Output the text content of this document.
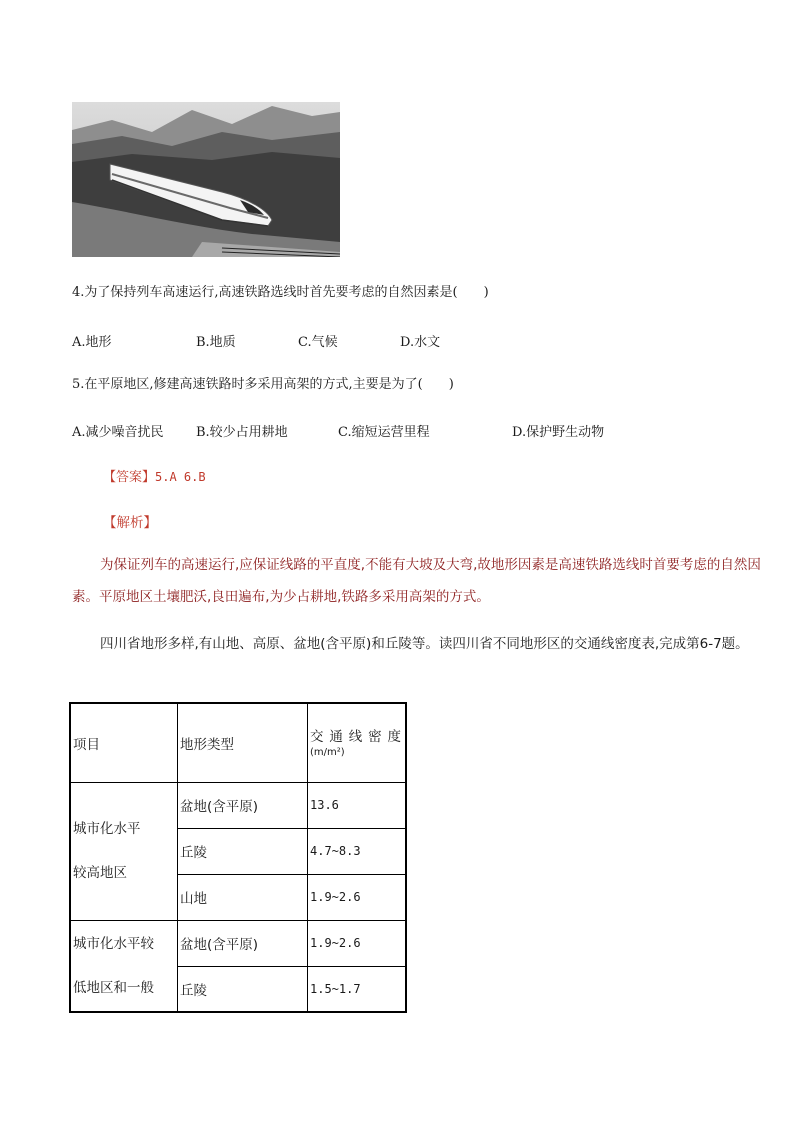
4.为了保持列车高速运行,高速铁路选线时首先要考虑的自然因素是(　　)
A.地形	B.地质	C.气候	D.水文
5.在平原地区,修建高速铁路时多采用高架的方式,主要是为了(　　)
A.减少噪音扰民 B.较少占用耕地	C.缩短运营里程	D.保护野生动物
【答案】5.A 6.B
【解析】
为保证列车的高速运行,应保证线路的平直度,不能有大坡及大弯,故地形因素是高速铁路选线时首要考虑的自然因素。平原地区土壤肥沃,良田遍布,为少占耕地,铁路多采用高架的方式。
四川省地形多样,有山地、高原、盆地(含平原)和丘陵等。读四川省不同地形区的交通线密度表,完成第6-7题。
项目	地形类型	交通线密度
(m/m²)

城市化水平
较高地区	盆地(含平原)	13.6
	丘陵	4.7~8.3
	山地	1.9~2.6

城市化水平较
低地区和一般	盆地(含平原)	1.9~2.6
	丘陵	1.5~1.7
